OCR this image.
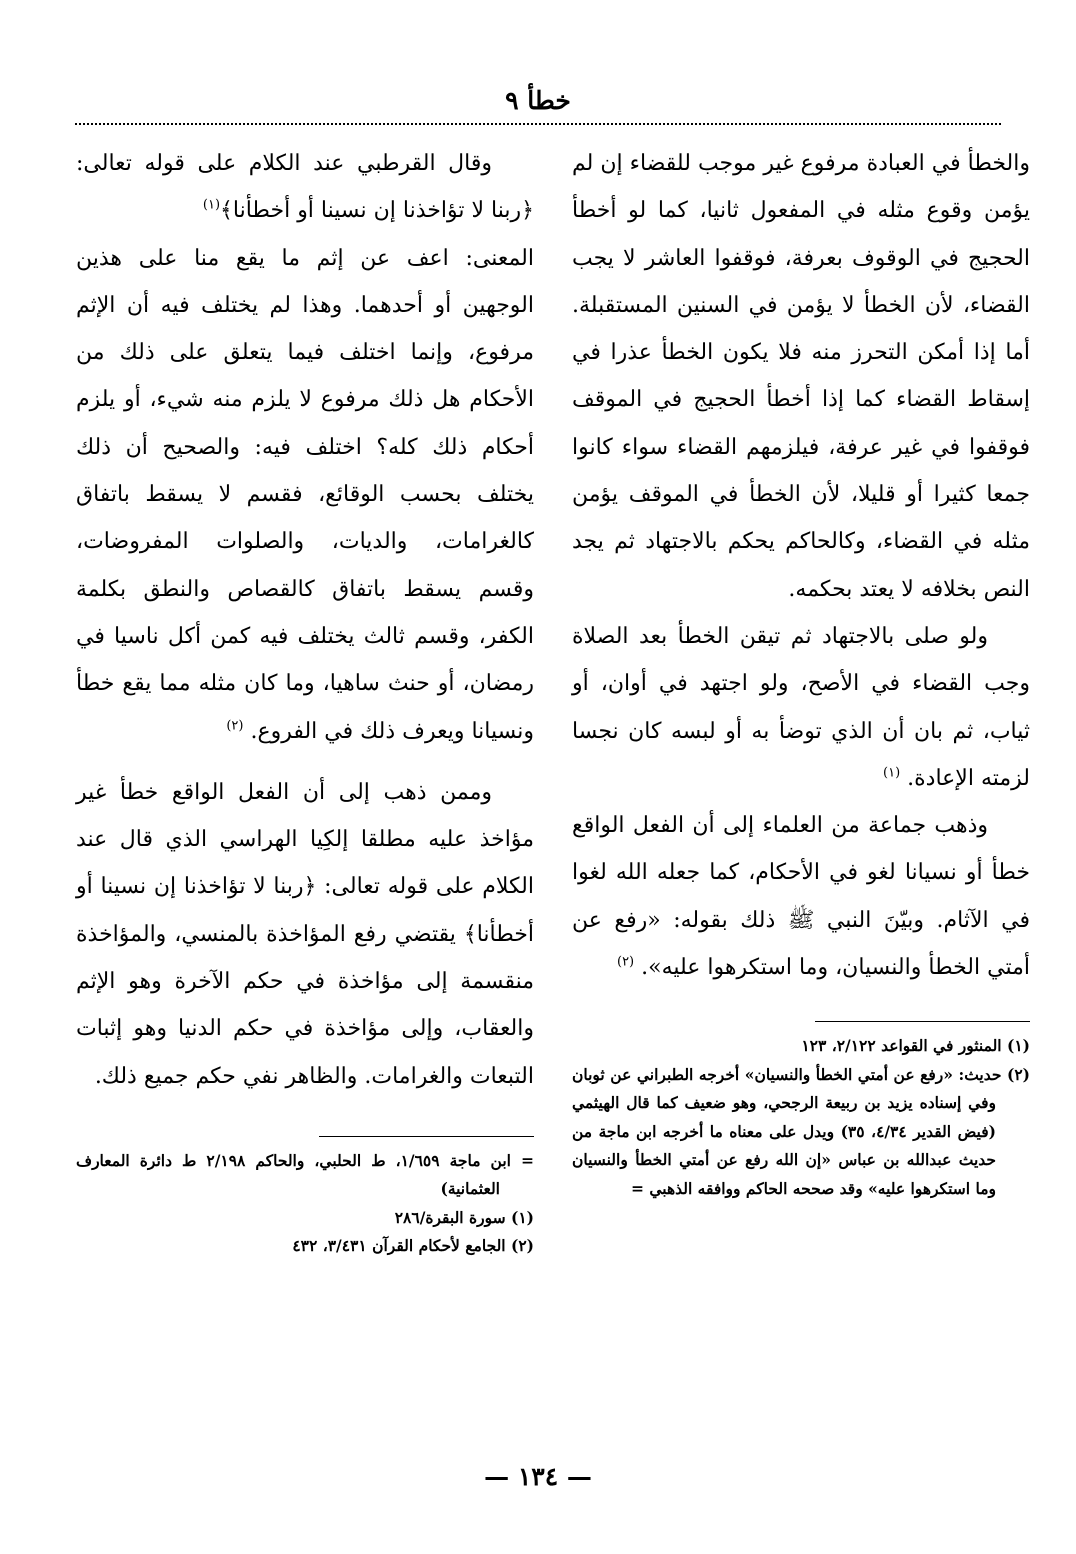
خطأ ٩

والخطأ في العبادة مرفوع غير موجب للقضاء إن لم يؤمن وقوع مثله في المفعول ثانيا، كما لو أخطأ الحجيج في الوقوف بعرفة، فوقفوا العاشر لا يجب القضاء، لأن الخطأ لا يؤمن في السنين المستقبلة. أما إذا أمكن التحرز منه فلا يكون الخطأ عذرا في إسقاط القضاء كما إذا أخطأ الحجيج في الموقف فوقفوا في غير عرفة، فيلزمهم القضاء سواء كانوا جمعا كثيرا أو قليلا، لأن الخطأ في الموقف يؤمن مثله في القضاء، وكالحاكم يحكم بالاجتهاد ثم يجد النص بخلافه لا يعتد بحكمه.

ولو صلى بالاجتهاد ثم تيقن الخطأ بعد الصلاة وجب القضاء في الأصح، ولو اجتهد في أوان، أو ثياب، ثم بان أن الذي توضأ به أو لبسه كان نجسا لزمته الإعادة. $^{(١)}$

وذهب جماعة من العلماء إلى أن الفعل الواقع خطأ أو نسيانا لغو في الأحكام، كما جعله الله لغوا في الآثام. وبيّنَ النبي ﷺ ذلك بقوله: «رفع عن أمتي الخطأ والنسيان، وما استكرهوا عليه». $^{(٢)}$

(١) المنثور في القواعد ٢/١٢٢، ١٢٣

(٢) حديث: «رفع عن أمتي الخطأ والنسيان» أخرجه الطبراني عن ثوبان وفي إسناده يزيد بن ربيعة الرجحي، وهو ضعيف كما قال الهيثمي (فيض القدير ٤/٣٤، ٣٥) ويدل على معناه ما أخرجه ابن ماجة من حديث عبدالله بن عباس «إن الله رفع عن أمتي الخطأ والنسيان وما استكرهوا عليه» وقد صححه الحاكم ووافقه الذهبي =

وقال القرطبي عند الكلام على قوله تعالى: ﴿ربنا لا تؤاخذنا إن نسينا أو أخطأنا﴾$^{(١)}$

المعنى: اعف عن إثم ما يقع منا على هذين الوجهين أو أحدهما. وهذا لم يختلف فيه أن الإثم مرفوع، وإنما اختلف فيما يتعلق على ذلك من الأحكام هل ذلك مرفوع لا يلزم منه شيء، أو يلزم أحكام ذلك كله؟ اختلف فيه: والصحيح أن ذلك يختلف بحسب الوقائع، فقسم لا يسقط باتفاق كالغرامات، والديات، والصلوات المفروضات، وقسم يسقط باتفاق كالقصاص والنطق بكلمة الكفر، وقسم ثالث يختلف فيه كمن أكل ناسيا في رمضان، أو حنث ساهيا، وما كان مثله مما يقع خطأ ونسيانا ويعرف ذلك في الفروع. $^{(٢)}$

وممن ذهب إلى أن الفعل الواقع خطأ غير مؤاخذ عليه مطلقا إلكِيا الهراسي الذي قال عند الكلام على قوله تعالى: ﴿ربنا لا تؤاخذنا إن نسينا أو أخطأنا﴾ يقتضي رفع المؤاخذة بالمنسي، والمؤاخذة منقسمة إلى مؤاخذة في حكم الآخرة وهو الإثم والعقاب، وإلى مؤاخذة في حكم الدنيا وهو إثبات التبعات والغرامات. والظاهر نفي حكم جميع ذلك.

= ابن ماجة ١/٦٥٩، ط الحلبي، والحاكم ٢/١٩٨ ط دائرة المعارف العثمانية)

(١) سورة البقرة/٢٨٦

(٢) الجامع لأحكام القرآن ٣/٤٣١، ٤٣٢

— ١٣٤ —
